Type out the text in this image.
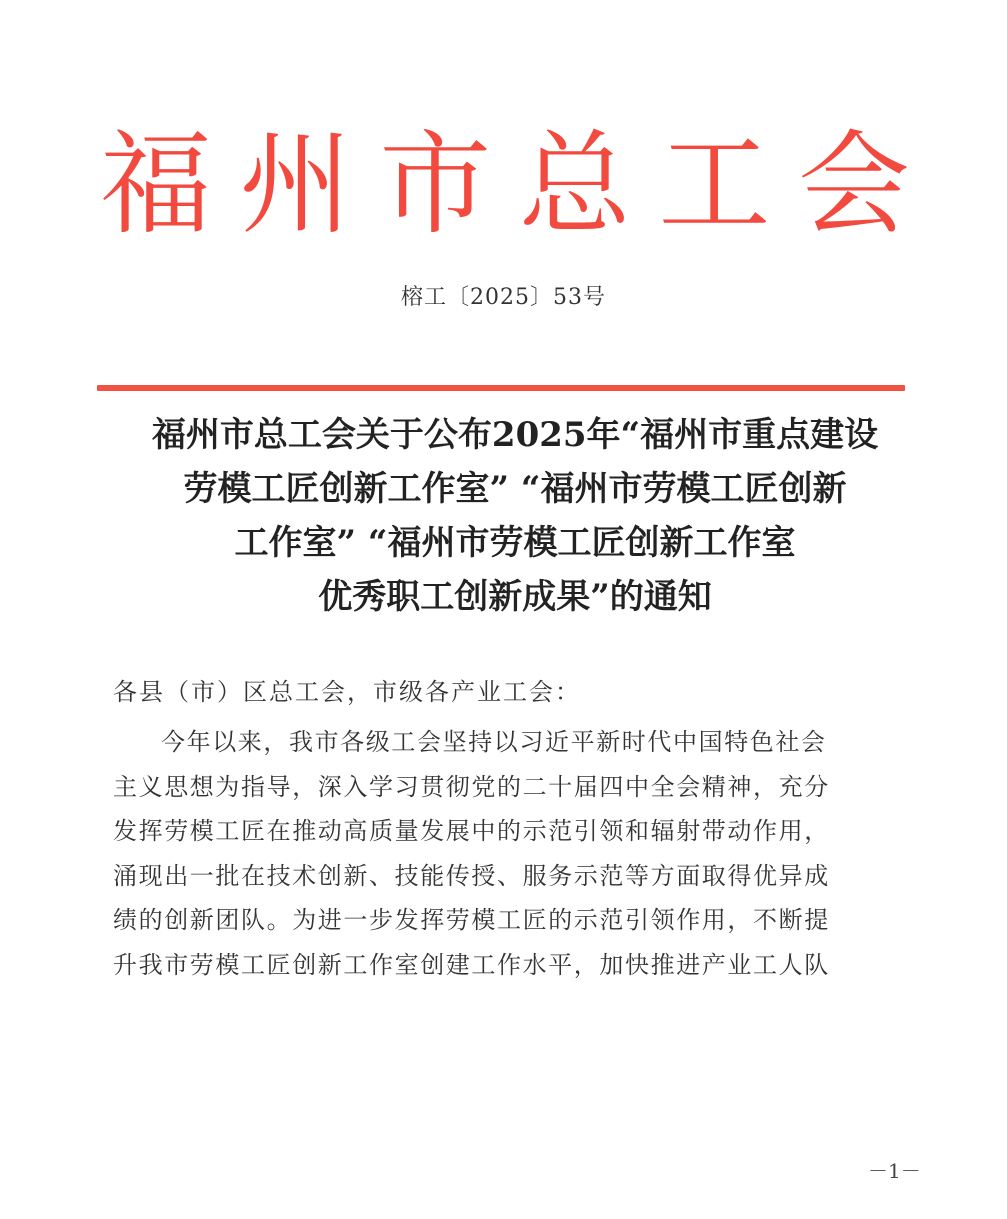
福 州 市 总 工 会
榕工〔2025〕53号
福州市总工会关于公布2025年“福州市重点建设
劳模工匠创新工作室” “福州市劳模工匠创新
工作室” “福州市劳模工匠创新工作室
优秀职工创新成果”的通知
各县（市）区总工会，市级各产业工会：
今年以来，我市各级工会坚持以习近平新时代中国特色社会
主义思想为指导，深入学习贯彻党的二十届四中全会精神，充分
发挥劳模工匠在推动高质量发展中的示范引领和辐射带动作用，
涌现出一批在技术创新、技能传授、服务示范等方面取得优异成
绩的创新团队。为进一步发挥劳模工匠的示范引领作用，不断提
升我市劳模工匠创新工作室创建工作水平，加快推进产业工人队
－1－
